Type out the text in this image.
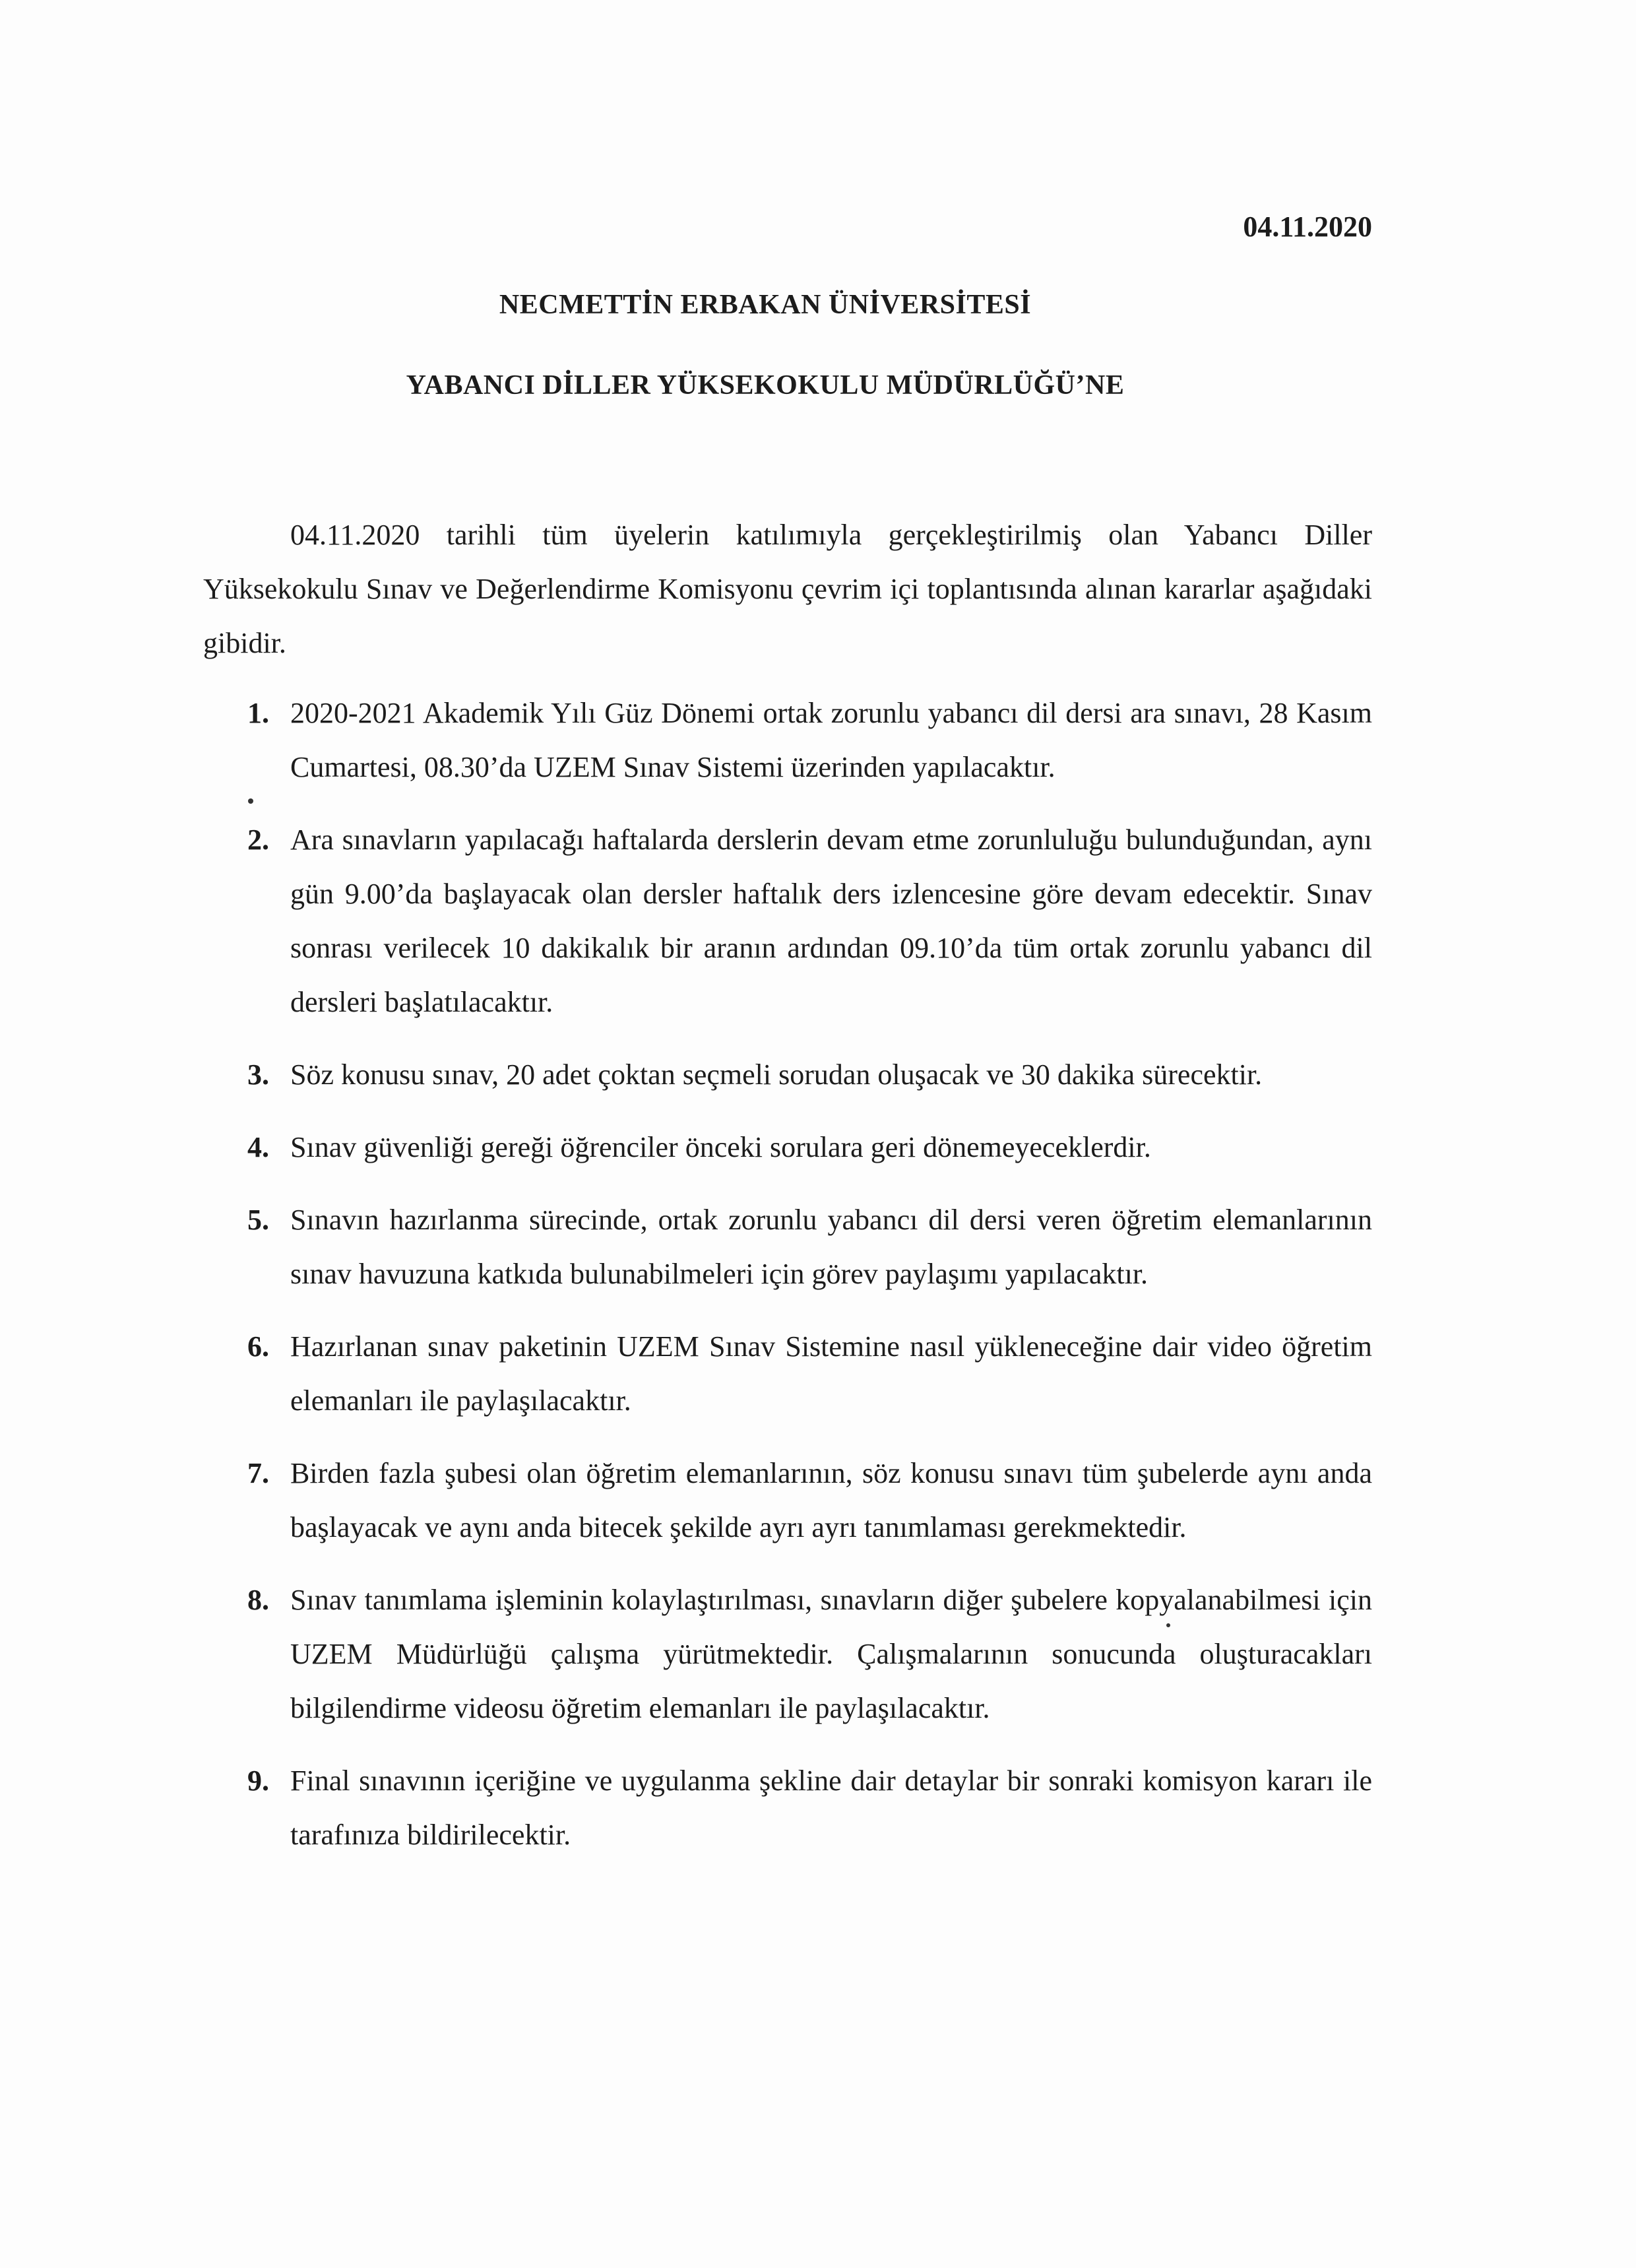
04.11.2020
NECMETTİN ERBAKAN ÜNİVERSİTESİ
YABANCI DİLLER YÜKSEKOKULU MÜDÜRLÜĞÜ’NE
04.11.2020 tarihli tüm üyelerin katılımıyla gerçekleştirilmiş olan Yabancı Diller Yüksekokulu Sınav ve Değerlendirme Komisyonu çevrim içi toplantısında alınan kararlar aşağıdaki gibidir.
1. 2020-2021 Akademik Yılı Güz Dönemi ortak zorunlu yabancı dil dersi ara sınavı, 28 Kasım Cumartesi, 08.30’da UZEM Sınav Sistemi üzerinden yapılacaktır.
2. Ara sınavların yapılacağı haftalarda derslerin devam etme zorunluluğu bulunduğundan, aynı gün 9.00’da başlayacak olan dersler haftalık ders izlencesine göre devam edecektir. Sınav sonrası verilecek 10 dakikalık bir aranın ardından 09.10’da tüm ortak zorunlu yabancı dil dersleri başlatılacaktır.
3. Söz konusu sınav, 20 adet çoktan seçmeli sorudan oluşacak ve 30 dakika sürecektir.
4. Sınav güvenliği gereği öğrenciler önceki sorulara geri dönemeyeceklerdir.
5. Sınavın hazırlanma sürecinde, ortak zorunlu yabancı dil dersi veren öğretim elemanlarının sınav havuzuna katkıda bulunabilmeleri için görev paylaşımı yapılacaktır.
6. Hazırlanan sınav paketinin UZEM Sınav Sistemine nasıl yükleneceğine dair video öğretim elemanları ile paylaşılacaktır.
7. Birden fazla şubesi olan öğretim elemanlarının, söz konusu sınavı tüm şubelerde aynı anda başlayacak ve aynı anda bitecek şekilde ayrı ayrı tanımlaması gerekmektedir.
8. Sınav tanımlama işleminin kolaylaştırılması, sınavların diğer şubelere kopyalanabilmesi için UZEM Müdürlüğü çalışma yürütmektedir. Çalışmalarının sonucunda oluşturacakları bilgilendirme videosu öğretim elemanları ile paylaşılacaktır.
9. Final sınavının içeriğine ve uygulanma şekline dair detaylar bir sonraki komisyon kararı ile tarafınıza bildirilecektir.
